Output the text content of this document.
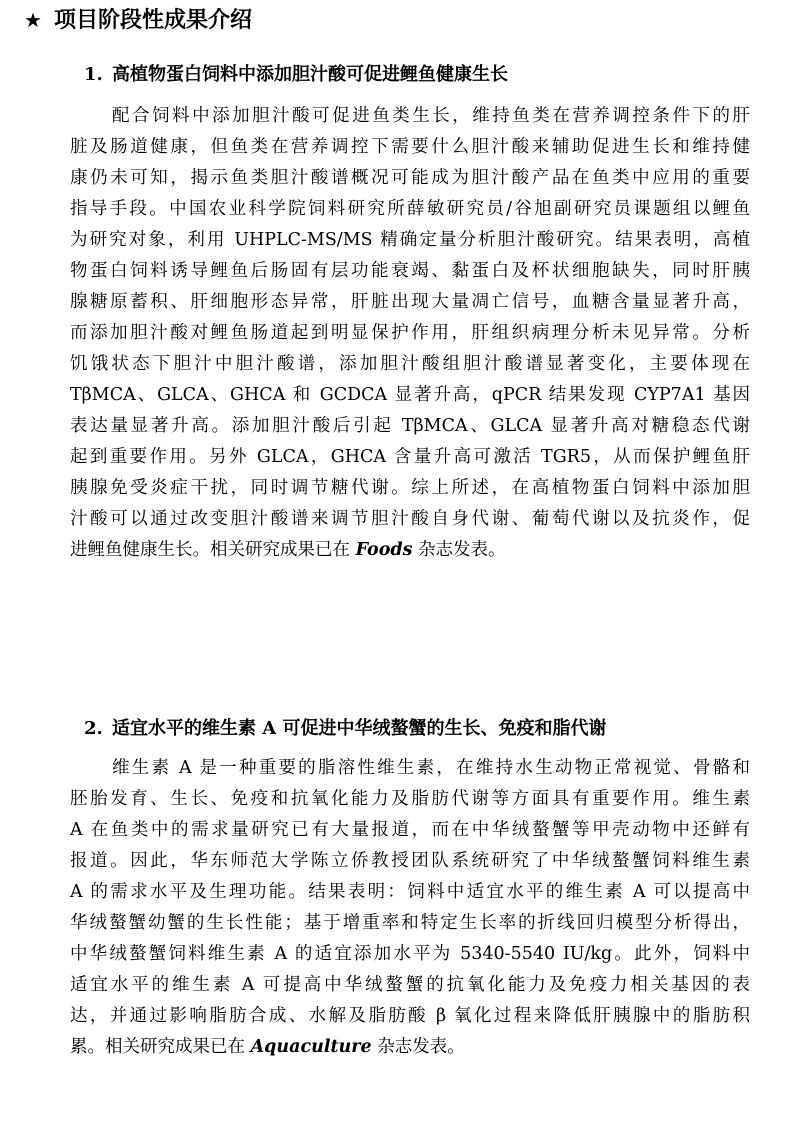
★ 项目阶段性成果介绍
1. 高植物蛋白饲料中添加胆汁酸可促进鲤鱼健康生长
配合饲料中添加胆汁酸可促进鱼类生长，维持鱼类在营养调控条件下的肝
脏及肠道健康，但鱼类在营养调控下需要什么胆汁酸来辅助促进生长和维持健
康仍未可知，揭示鱼类胆汁酸谱概况可能成为胆汁酸产品在鱼类中应用的重要
指导手段。中国农业科学院饲料研究所薛敏研究员/谷旭副研究员课题组以鲤鱼
为研究对象，利用 UHPLC-MS/MS 精确定量分析胆汁酸研究。结果表明，高植
物蛋白饲料诱导鲤鱼后肠固有层功能衰竭、黏蛋白及杯状细胞缺失，同时肝胰
腺糖原蓄积、肝细胞形态异常，肝脏出现大量凋亡信号，血糖含量显著升高，
而添加胆汁酸对鲤鱼肠道起到明显保护作用，肝组织病理分析未见异常。分析
饥饿状态下胆汁中胆汁酸谱，添加胆汁酸组胆汁酸谱显著变化，主要体现在
TβMCA、GLCA、GHCA 和 GCDCA 显著升高，qPCR 结果发现 CYP7A1 基因
表达量显著升高。添加胆汁酸后引起 TβMCA、GLCA 显著升高对糖稳态代谢
起到重要作用。另外 GLCA，GHCA 含量升高可激活 TGR5，从而保护鲤鱼肝
胰腺免受炎症干扰，同时调节糖代谢。综上所述，在高植物蛋白饲料中添加胆
汁酸可以通过改变胆汁酸谱来调节胆汁酸自身代谢、葡萄代谢以及抗炎作，促
进鲤鱼健康生长。相关研究成果已在 Foods 杂志发表。
2. 适宜水平的维生素 A 可促进中华绒螯蟹的生长、免疫和脂代谢
维生素 A 是一种重要的脂溶性维生素，在维持水生动物正常视觉、骨骼和
胚胎发育、生长、免疫和抗氧化能力及脂肪代谢等方面具有重要作用。维生素
A 在鱼类中的需求量研究已有大量报道，而在中华绒螯蟹等甲壳动物中还鲜有
报道。因此，华东师范大学陈立侨教授团队系统研究了中华绒螯蟹饲料维生素
A 的需求水平及生理功能。结果表明：饲料中适宜水平的维生素 A 可以提高中
华绒螯蟹幼蟹的生长性能；基于增重率和特定生长率的折线回归模型分析得出，
中华绒螯蟹饲料维生素 A 的适宜添加水平为 5340-5540 IU/kg。此外，饲料中
适宜水平的维生素 A 可提高中华绒螯蟹的抗氧化能力及免疫力相关基因的表
达，并通过影响脂肪合成、水解及脂肪酸 β 氧化过程来降低肝胰腺中的脂肪积
累。相关研究成果已在 Aquaculture 杂志发表。
